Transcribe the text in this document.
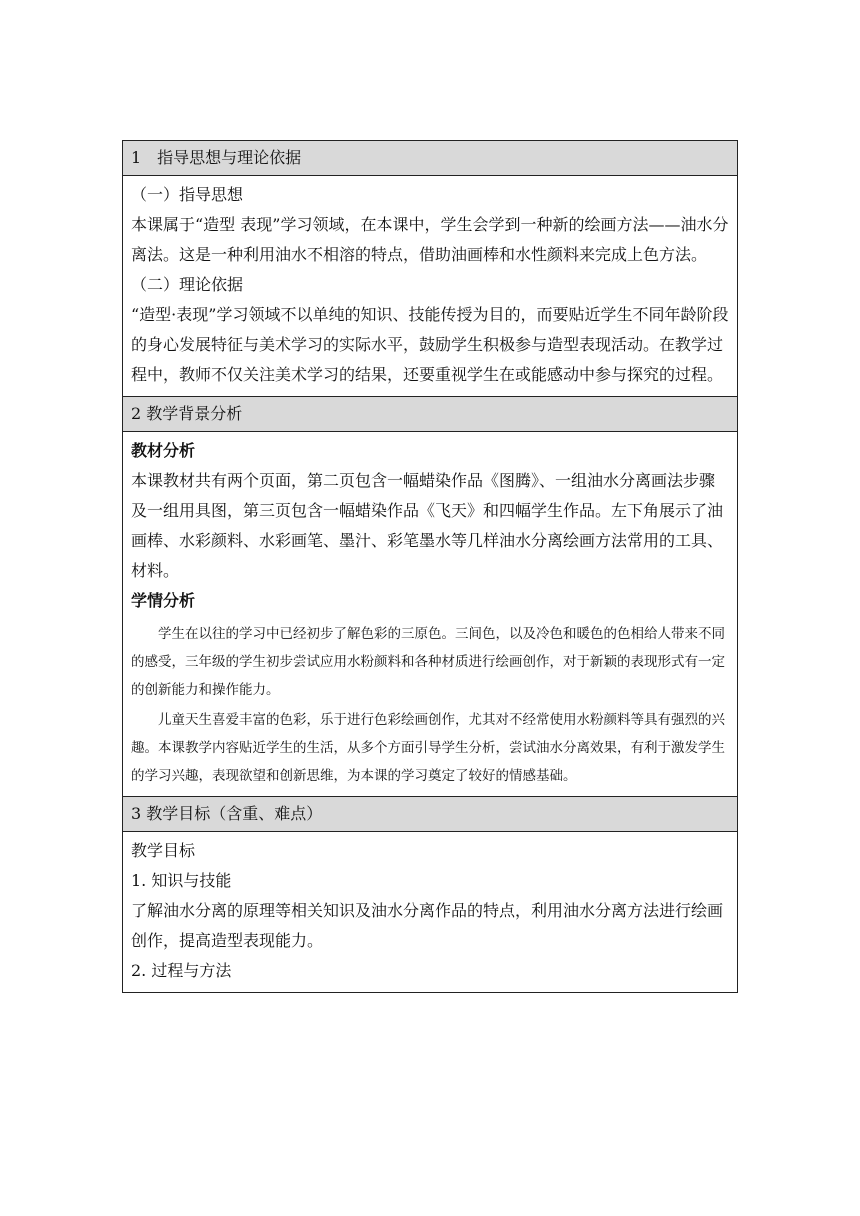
1　指导思想与理论依据
（一）指导思想
本课属于“造型 表现”学习领域，在本课中，学生会学到一种新的绘画方法——油水分离法。这是一种利用油水不相溶的特点，借助油画棒和水性颜料来完成上色方法。
（二）理论依据
“造型·表现”学习领域不以单纯的知识、技能传授为目的，而要贴近学生不同年龄阶段的身心发展特征与美术学习的实际水平，鼓励学生积极参与造型表现活动。在教学过程中，教师不仅关注美术学习的结果，还要重视学生在或能感动中参与探究的过程。
2 教学背景分析
教材分析
本课教材共有两个页面，第二页包含一幅蜡染作品《图腾》、一组油水分离画法步骤及一组用具图，第三页包含一幅蜡染作品《飞天》和四幅学生作品。左下角展示了油画棒、水彩颜料、水彩画笔、墨汁、彩笔墨水等几样油水分离绘画方法常用的工具、材料。
学情分析
学生在以往的学习中已经初步了解色彩的三原色。三间色，以及冷色和暖色的色相给人带来不同的感受，三年级的学生初步尝试应用水粉颜料和各种材质进行绘画创作，对于新颖的表现形式有一定的创新能力和操作能力。
儿童天生喜爱丰富的色彩，乐于进行色彩绘画创作，尤其对不经常使用水粉颜料等具有强烈的兴趣。本课教学内容贴近学生的生活，从多个方面引导学生分析，尝试油水分离效果，有利于激发学生的学习兴趣，表现欲望和创新思维，为本课的学习奠定了较好的情感基础。
3 教学目标（含重、难点）
教学目标
1. 知识与技能
了解油水分离的原理等相关知识及油水分离作品的特点，利用油水分离方法进行绘画创作，提高造型表现能力。
2. 过程与方法
